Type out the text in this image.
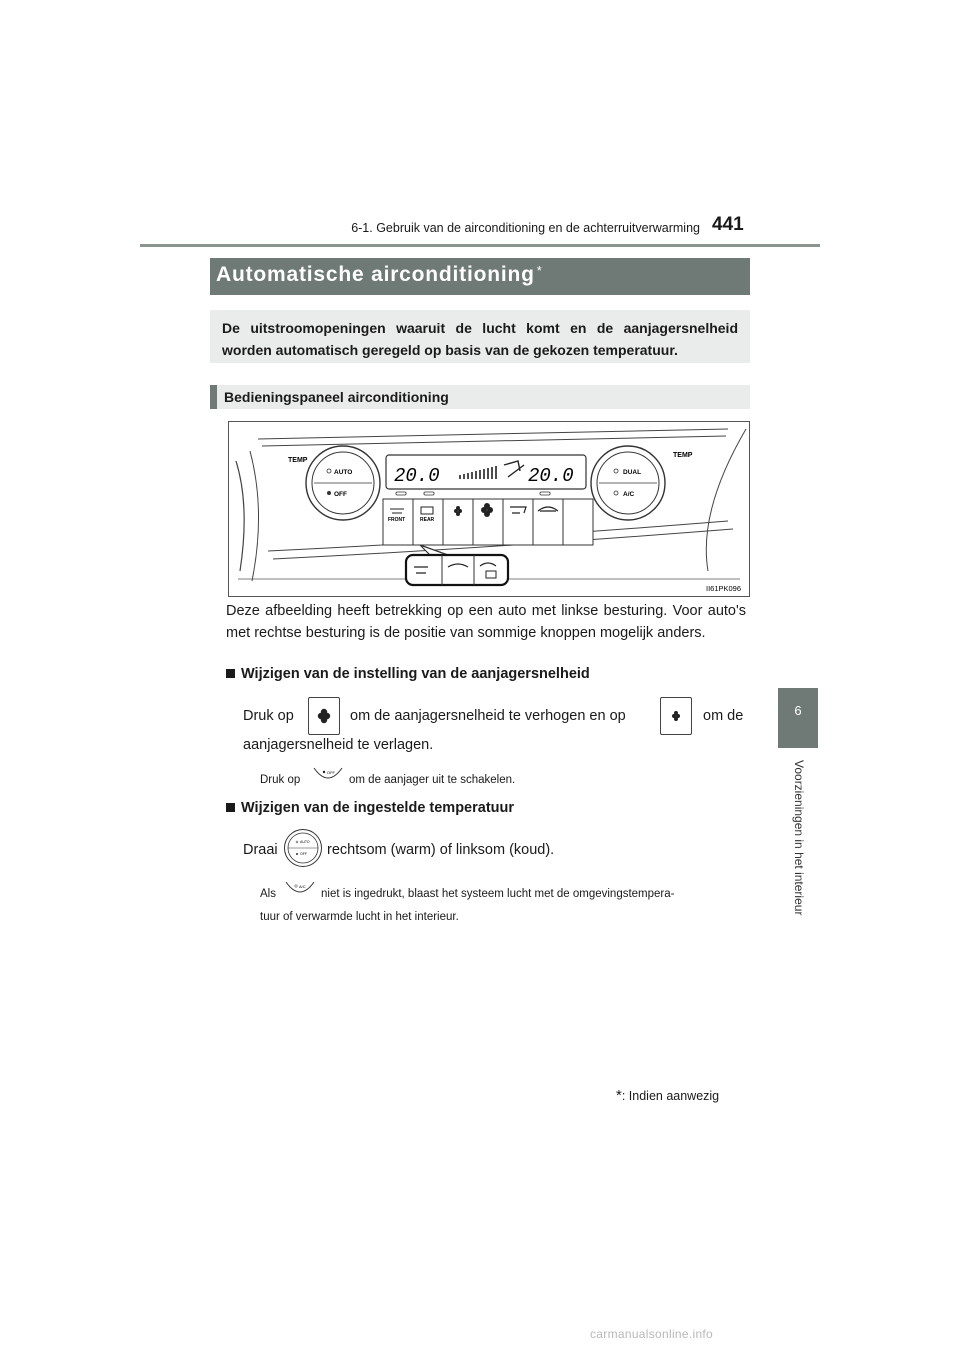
6-1. Gebruik van de airconditioning en de achterruitverwarming 441
6
Voorzieningen in het interieur
Automatische airconditioning *
De uitstroomopeningen waaruit de lucht komt en de aanjagersnelheid worden automatisch geregeld op basis van de gekozen temperatuur.
Bedieningspaneel airconditioning
TEMP
AUTO
OFF
TEMP
DUAL
A/C
20.0	20.0
FRONT	REAR
II61PK096
Deze afbeelding heeft betrekking op een auto met linkse besturing. Voor auto's met rechtse besturing is de positie van sommige knoppen mogelijk anders.
Wijzigen van de instelling van de aanjagersnelheid
Druk op	om de aanjagersnelheid te verhogen en op	om de
aanjagersnelheid te verlagen.
Druk op
OFF
om de aanjager uit te schakelen.
Wijzigen van de ingestelde temperatuur
Draai	AUTO
OFF rechtsom (warm) of linksom (koud).
Als
A/C
niet is ingedrukt, blaast het systeem lucht met de omgevingstempera-
tuur of verwarmde lucht in het interieur.
*: Indien aanwezig
carmanualsonline.info
